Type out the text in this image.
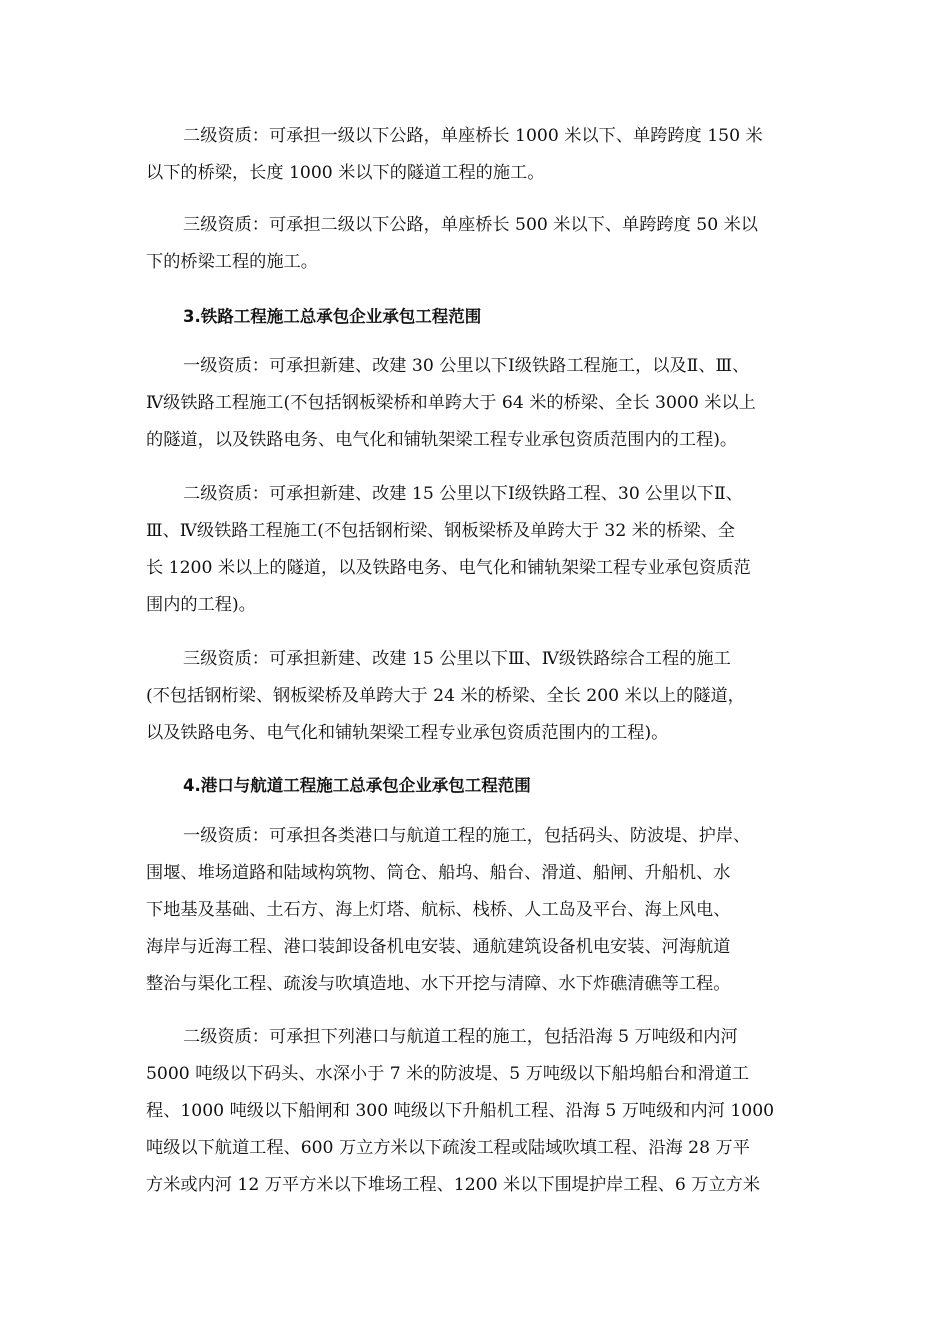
二级资质：可承担一级以下公路，单座桥长 1000 米以下、单跨跨度 150 米
以下的桥梁，长度 1000 米以下的隧道工程的施工。
三级资质：可承担二级以下公路，单座桥长 500 米以下、单跨跨度 50 米以
下的桥梁工程的施工。
3.铁路工程施工总承包企业承包工程范围
一级资质：可承担新建、改建 30 公里以下Ⅰ级铁路工程施工，以及Ⅱ、Ⅲ、
Ⅳ级铁路工程施工(不包括钢板梁桥和单跨大于 64 米的桥梁、全长 3000 米以上
的隧道，以及铁路电务、电气化和铺轨架梁工程专业承包资质范围内的工程)。
二级资质：可承担新建、改建 15 公里以下Ⅰ级铁路工程、30 公里以下Ⅱ、
Ⅲ、Ⅳ级铁路工程施工(不包括钢桁梁、钢板梁桥及单跨大于 32 米的桥梁、全
长 1200 米以上的隧道，以及铁路电务、电气化和铺轨架梁工程专业承包资质范
围内的工程)。
三级资质：可承担新建、改建 15 公里以下Ⅲ、Ⅳ级铁路综合工程的施工
(不包括钢桁梁、钢板梁桥及单跨大于 24 米的桥梁、全长 200 米以上的隧道，
以及铁路电务、电气化和铺轨架梁工程专业承包资质范围内的工程)。
4.港口与航道工程施工总承包企业承包工程范围
一级资质：可承担各类港口与航道工程的施工，包括码头、防波堤、护岸、
围堰、堆场道路和陆域构筑物、筒仓、船坞、船台、滑道、船闸、升船机、水
下地基及基础、土石方、海上灯塔、航标、栈桥、人工岛及平台、海上风电、
海岸与近海工程、港口装卸设备机电安装、通航建筑设备机电安装、河海航道
整治与渠化工程、疏浚与吹填造地、水下开挖与清障、水下炸礁清礁等工程。
二级资质：可承担下列港口与航道工程的施工，包括沿海 5 万吨级和内河
5000 吨级以下码头、水深小于 7 米的防波堤、5 万吨级以下船坞船台和滑道工
程、1000 吨级以下船闸和 300 吨级以下升船机工程、沿海 5 万吨级和内河 1000
吨级以下航道工程、600 万立方米以下疏浚工程或陆域吹填工程、沿海 28 万平
方米或内河 12 万平方米以下堆场工程、1200 米以下围堤护岸工程、6 万立方米
